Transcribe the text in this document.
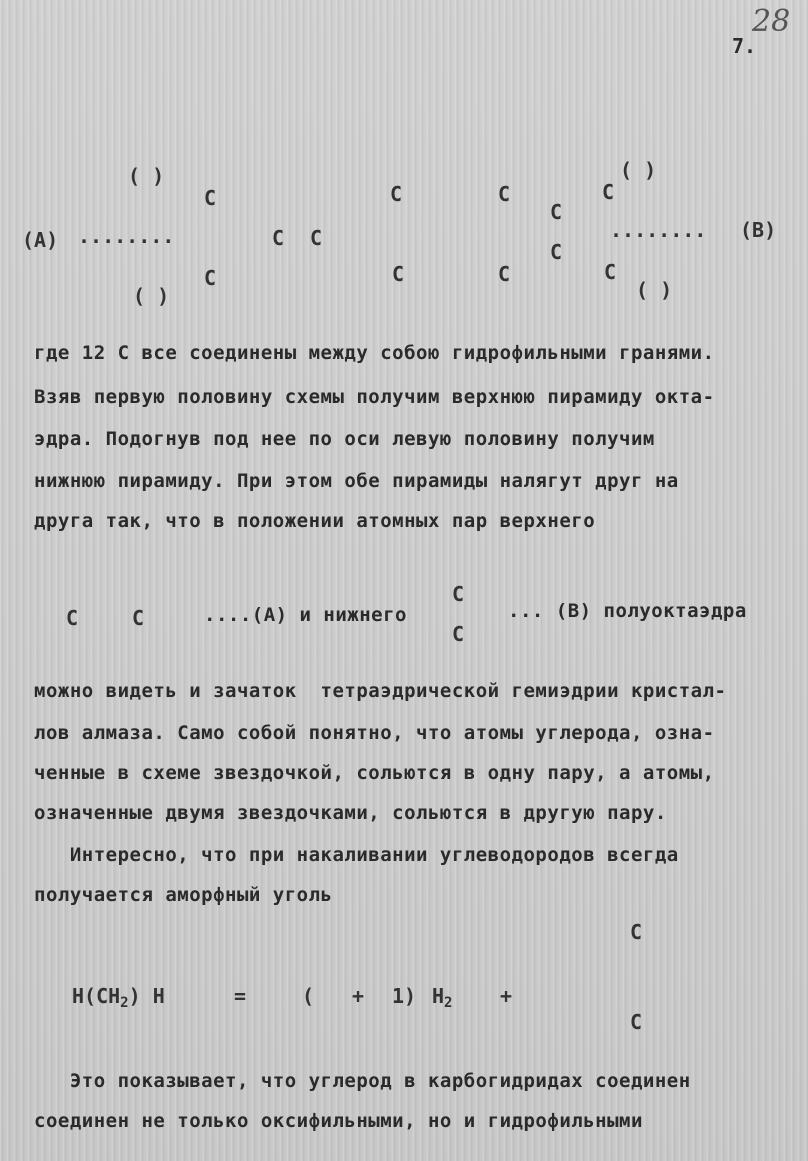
7.
28
( )
( )
( )
( )
(A) ........	........ (B)
C
C
C C
C
C
C
C
C
C
C
C
где 12 С все соединены между собою гидрофильными гранями.
Взяв первую половину схемы получим верхнюю пирамиду окта-
эдра. Подогнув под нее по оси левую половину получим
нижнюю пирамиду. При этом обе пирамиды налягут друг на
друга так, что в положении атомных пар верхнего
C	C	....(A) и нижнего
C
C
... (B) полуоктаэдра
можно видеть и зачаток  тетраэдрической гемиэдрии кристал-
лов алмаза. Само собой понятно, что атомы углерода, озна-
ченные в схеме звездочкой, сольются в одну пару, а атомы,
означенные двумя звездочками, сольются в другую пару.
Интересно, что при накаливании углеводородов всегда
получается аморфный уголь
$H(CH_2)$ H	=	( + 1) $H_2$ +
C
C
Это показывает, что углерод в карбогидридах соединен
соединен не только оксифильными, но и гидрофильными
